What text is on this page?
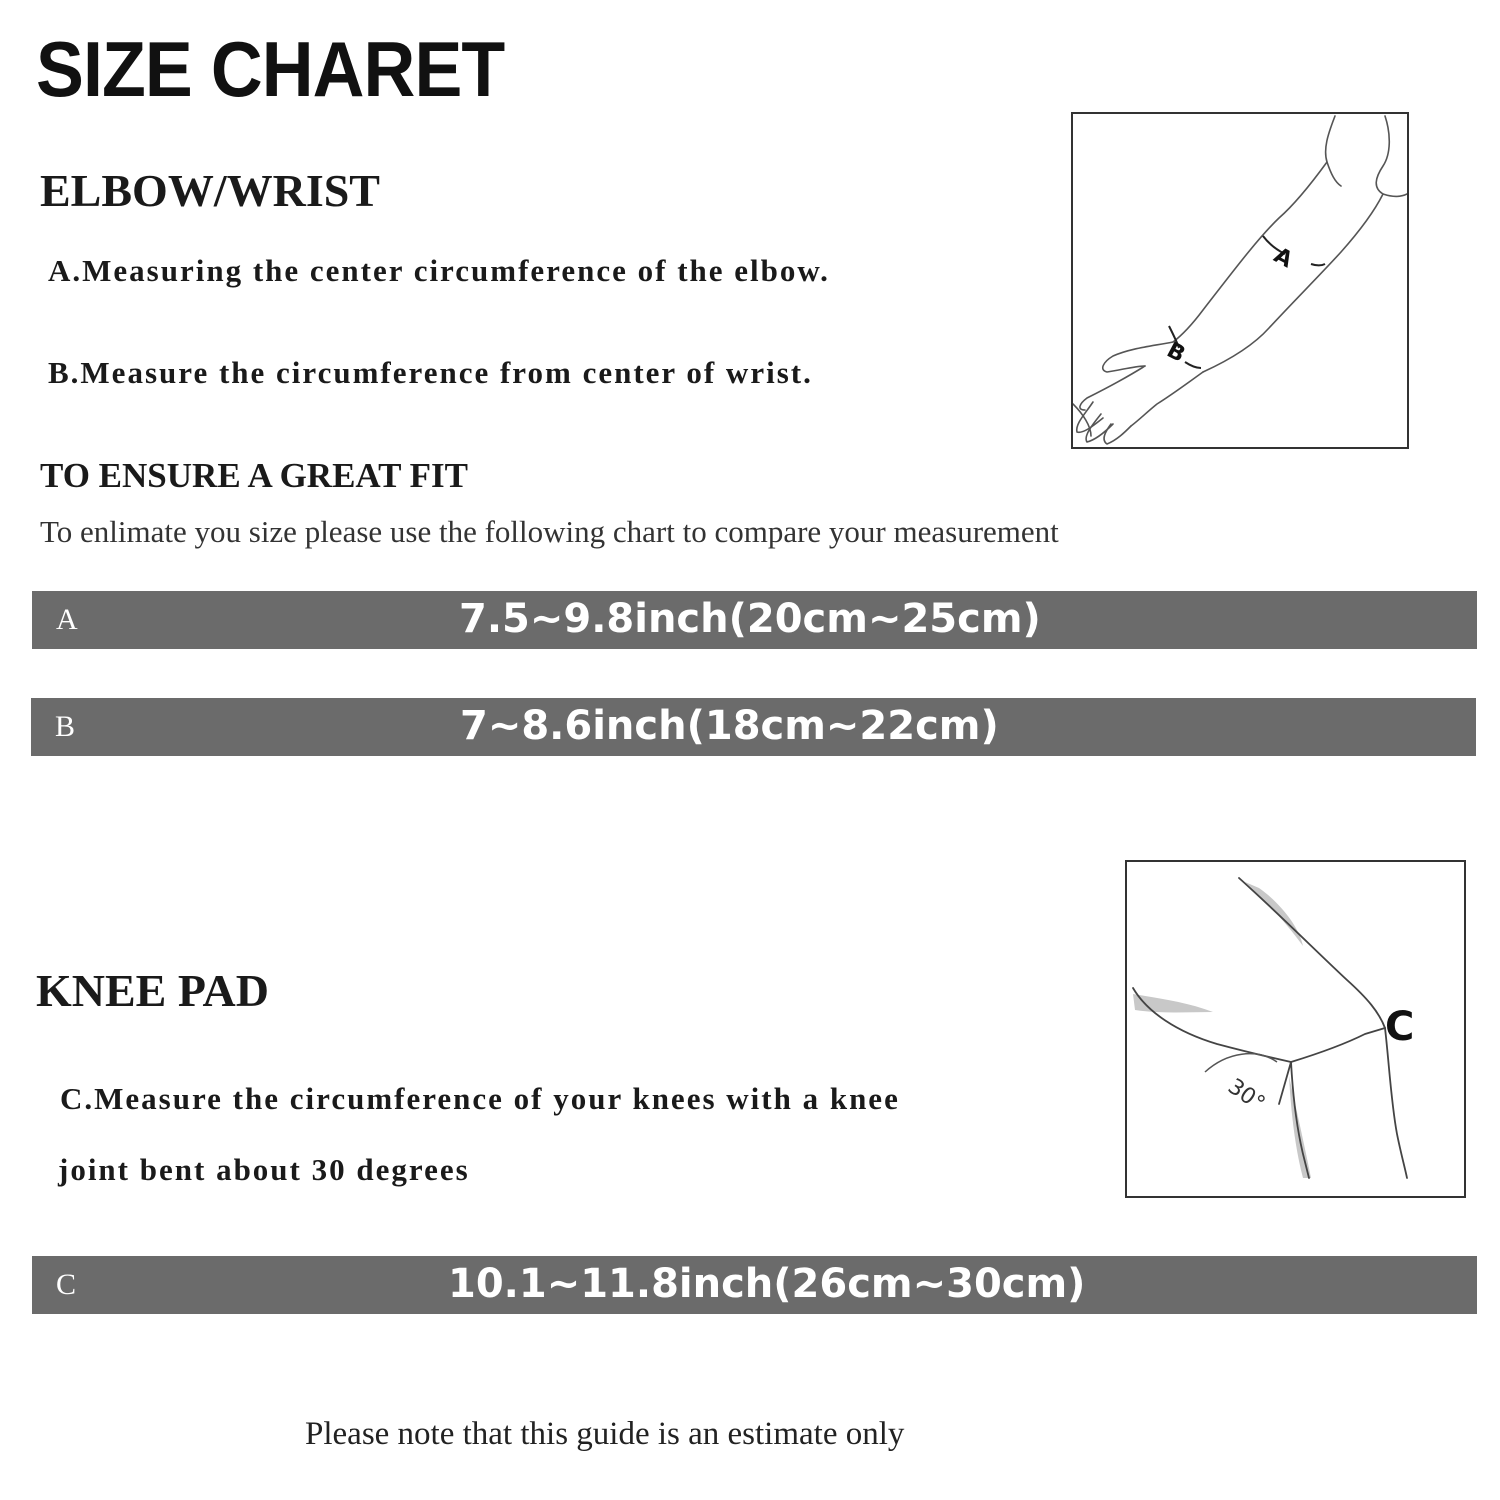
SIZE CHARET
ELBOW/WRIST
A.Measuring the center circumference of the elbow.
B.Measure the circumference from center of wrist.
A
B
TO ENSURE A GREAT FIT
To enlimate you size please use the following chart to compare your measurement
A	7.5~9.8inch(20cm~25cm)
B	7~8.6inch(18cm~22cm)
KNEE PAD
C.Measure the circumference of your knees with a knee
joint bent about 30 degrees
30°
C
C	10.1~11.8inch(26cm~30cm)
Please note that this guide is an estimate only
